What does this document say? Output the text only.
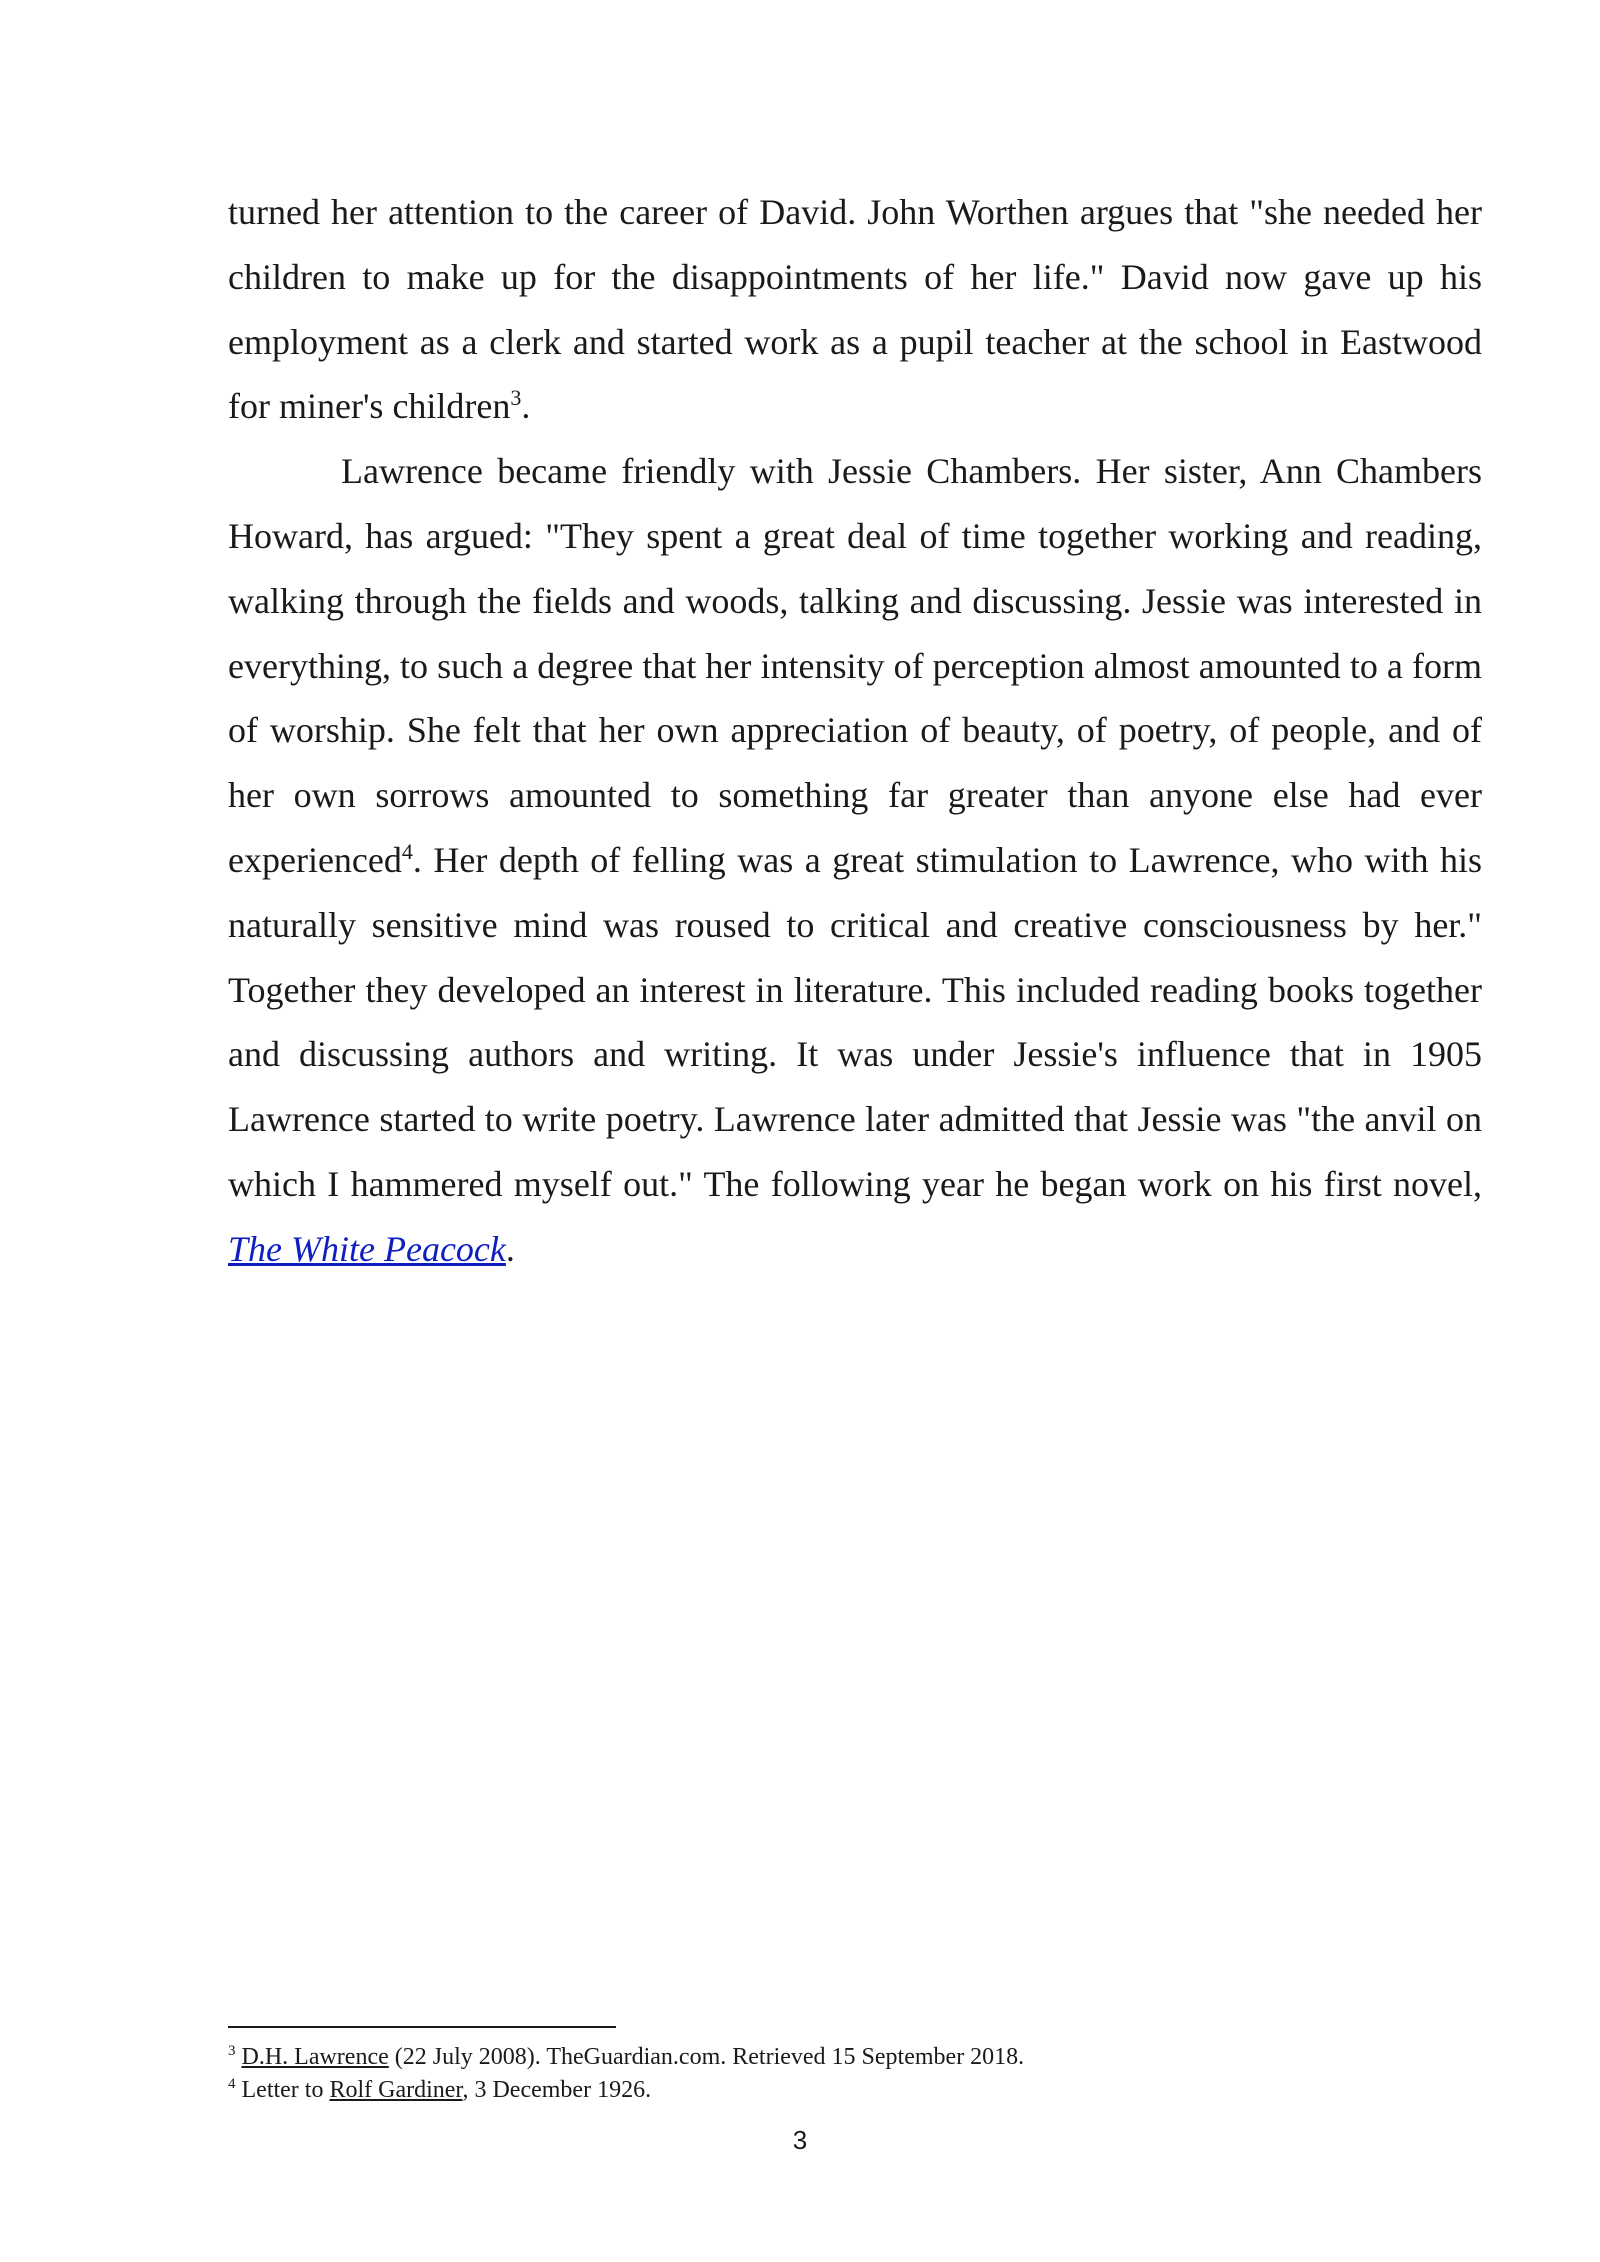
turned her attention to the career of David. John Worthen argues that "she needed her children to make up for the disappointments of her life." David now gave up his employment as a clerk and started work as a pupil teacher at the school in Eastwood for miner's children$^3$.

Lawrence became friendly with Jessie Chambers. Her sister, Ann Chambers Howard, has argued: "They spent a great deal of time together working and reading, walking through the fields and woods, talking and discussing. Jessie was interested in everything, to such a degree that her intensity of perception almost amounted to a form of worship. She felt that her own appreciation of beauty, of poetry, of people, and of her own sorrows amounted to something far greater than anyone else had ever experienced$^4$. Her depth of felling was a great stimulation to Lawrence, who with his naturally sensitive mind was roused to critical and creative consciousness by her." Together they developed an interest in literature. This included reading books together and discussing authors and writing. It was under Jessie's influence that in 1905 Lawrence started to write poetry. Lawrence later admitted that Jessie was "the anvil on which I hammered myself out." The following year he began work on his first novel, The White Peacock.

$^3$ D.H. Lawrence (22 July 2008). TheGuardian.com. Retrieved 15 September 2018.

$^4$ Letter to Rolf Gardiner, 3 December 1926.

3
